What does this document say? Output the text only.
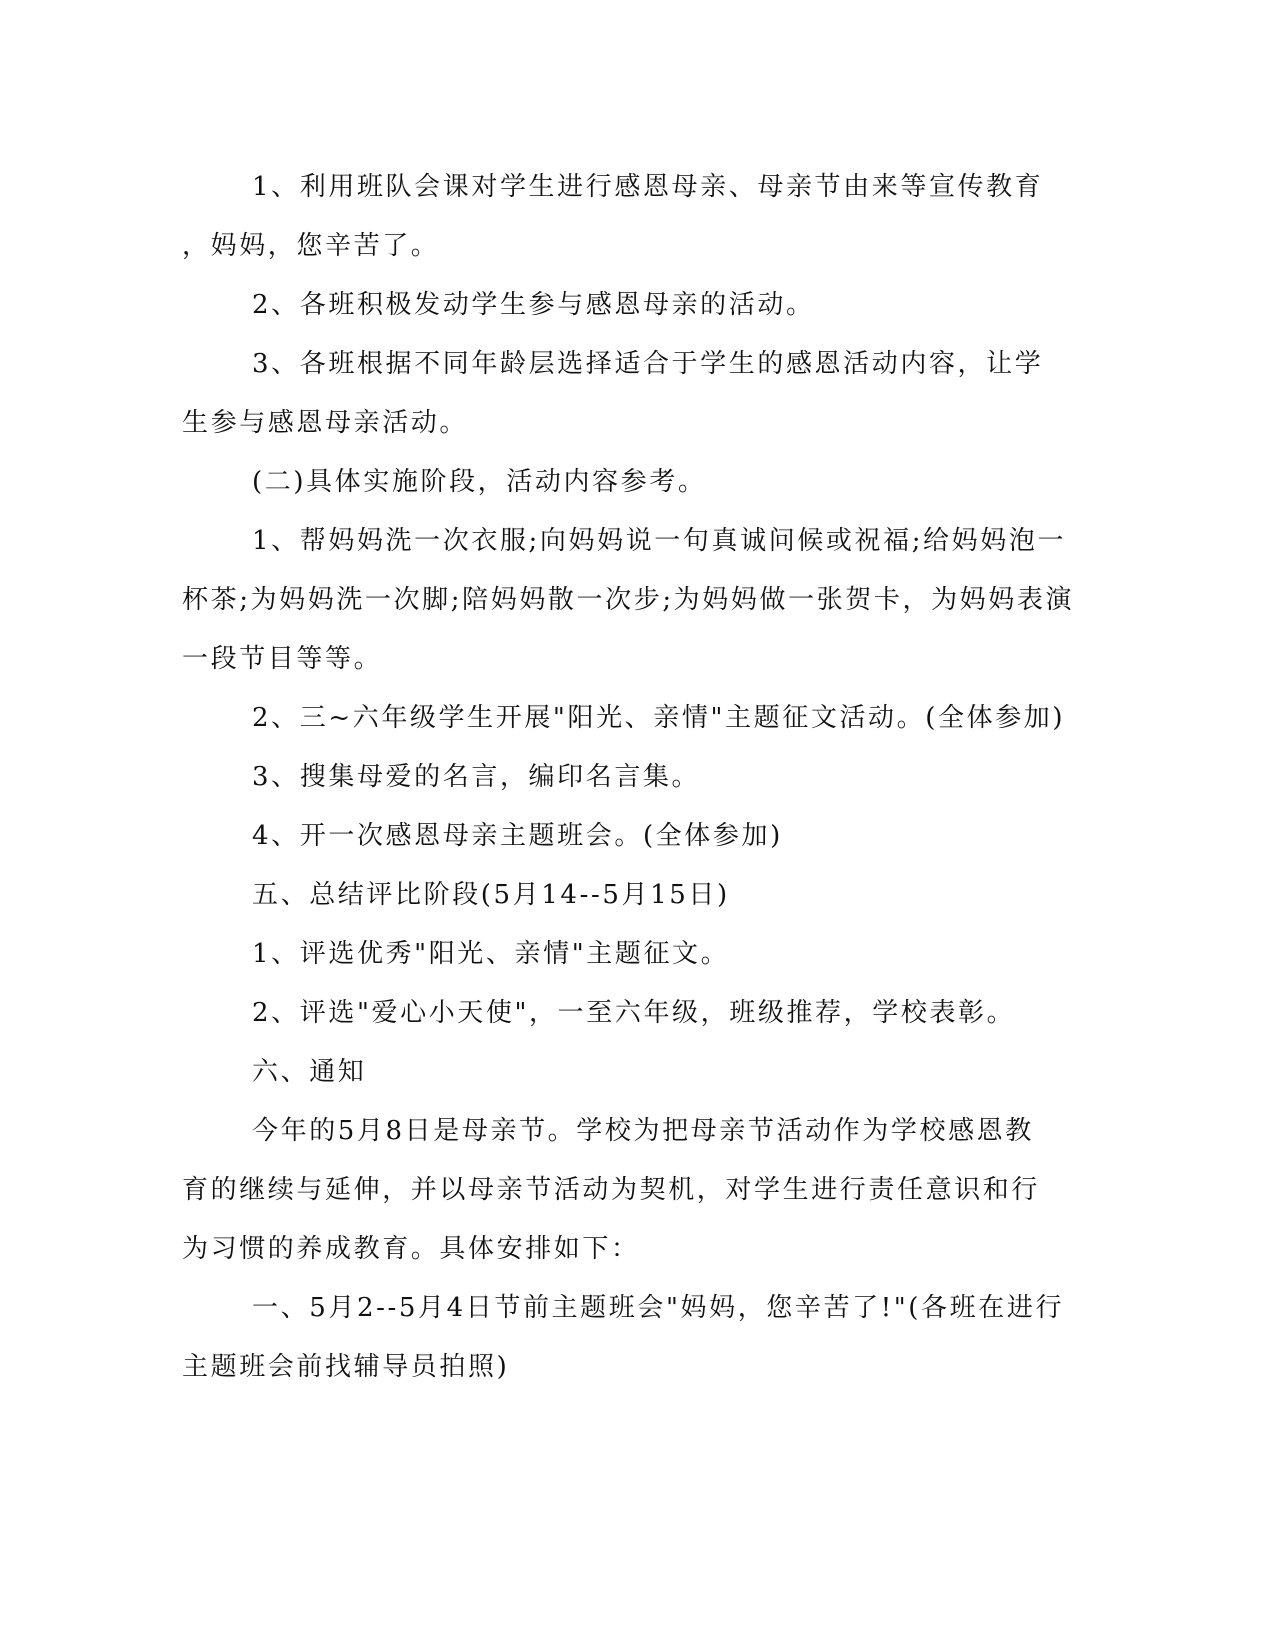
1、利用班队会课对学生进行感恩母亲、母亲节由来等宣传教育
，妈妈，您辛苦了。
2、各班积极发动学生参与感恩母亲的活动。
3、各班根据不同年龄层选择适合于学生的感恩活动内容，让学
生参与感恩母亲活动。
(二)具体实施阶段，活动内容参考。
1、帮妈妈洗一次衣服;向妈妈说一句真诚问候或祝福;给妈妈泡一
杯茶;为妈妈洗一次脚;陪妈妈散一次步;为妈妈做一张贺卡，为妈妈表演
一段节目等等。
2、三~六年级学生开展"阳光、亲情"主题征文活动。(全体参加)
3、搜集母爱的名言，编印名言集。
4、开一次感恩母亲主题班会。(全体参加)
五、总结评比阶段(5月14--5月15日)
1、评选优秀"阳光、亲情"主题征文。
2、评选"爱心小天使"，一至六年级，班级推荐，学校表彰。
六、通知
今年的5月8日是母亲节。学校为把母亲节活动作为学校感恩教
育的继续与延伸，并以母亲节活动为契机，对学生进行责任意识和行
为习惯的养成教育。具体安排如下：
一、5月2--5月4日节前主题班会"妈妈，您辛苦了!"(各班在进行
主题班会前找辅导员拍照)
